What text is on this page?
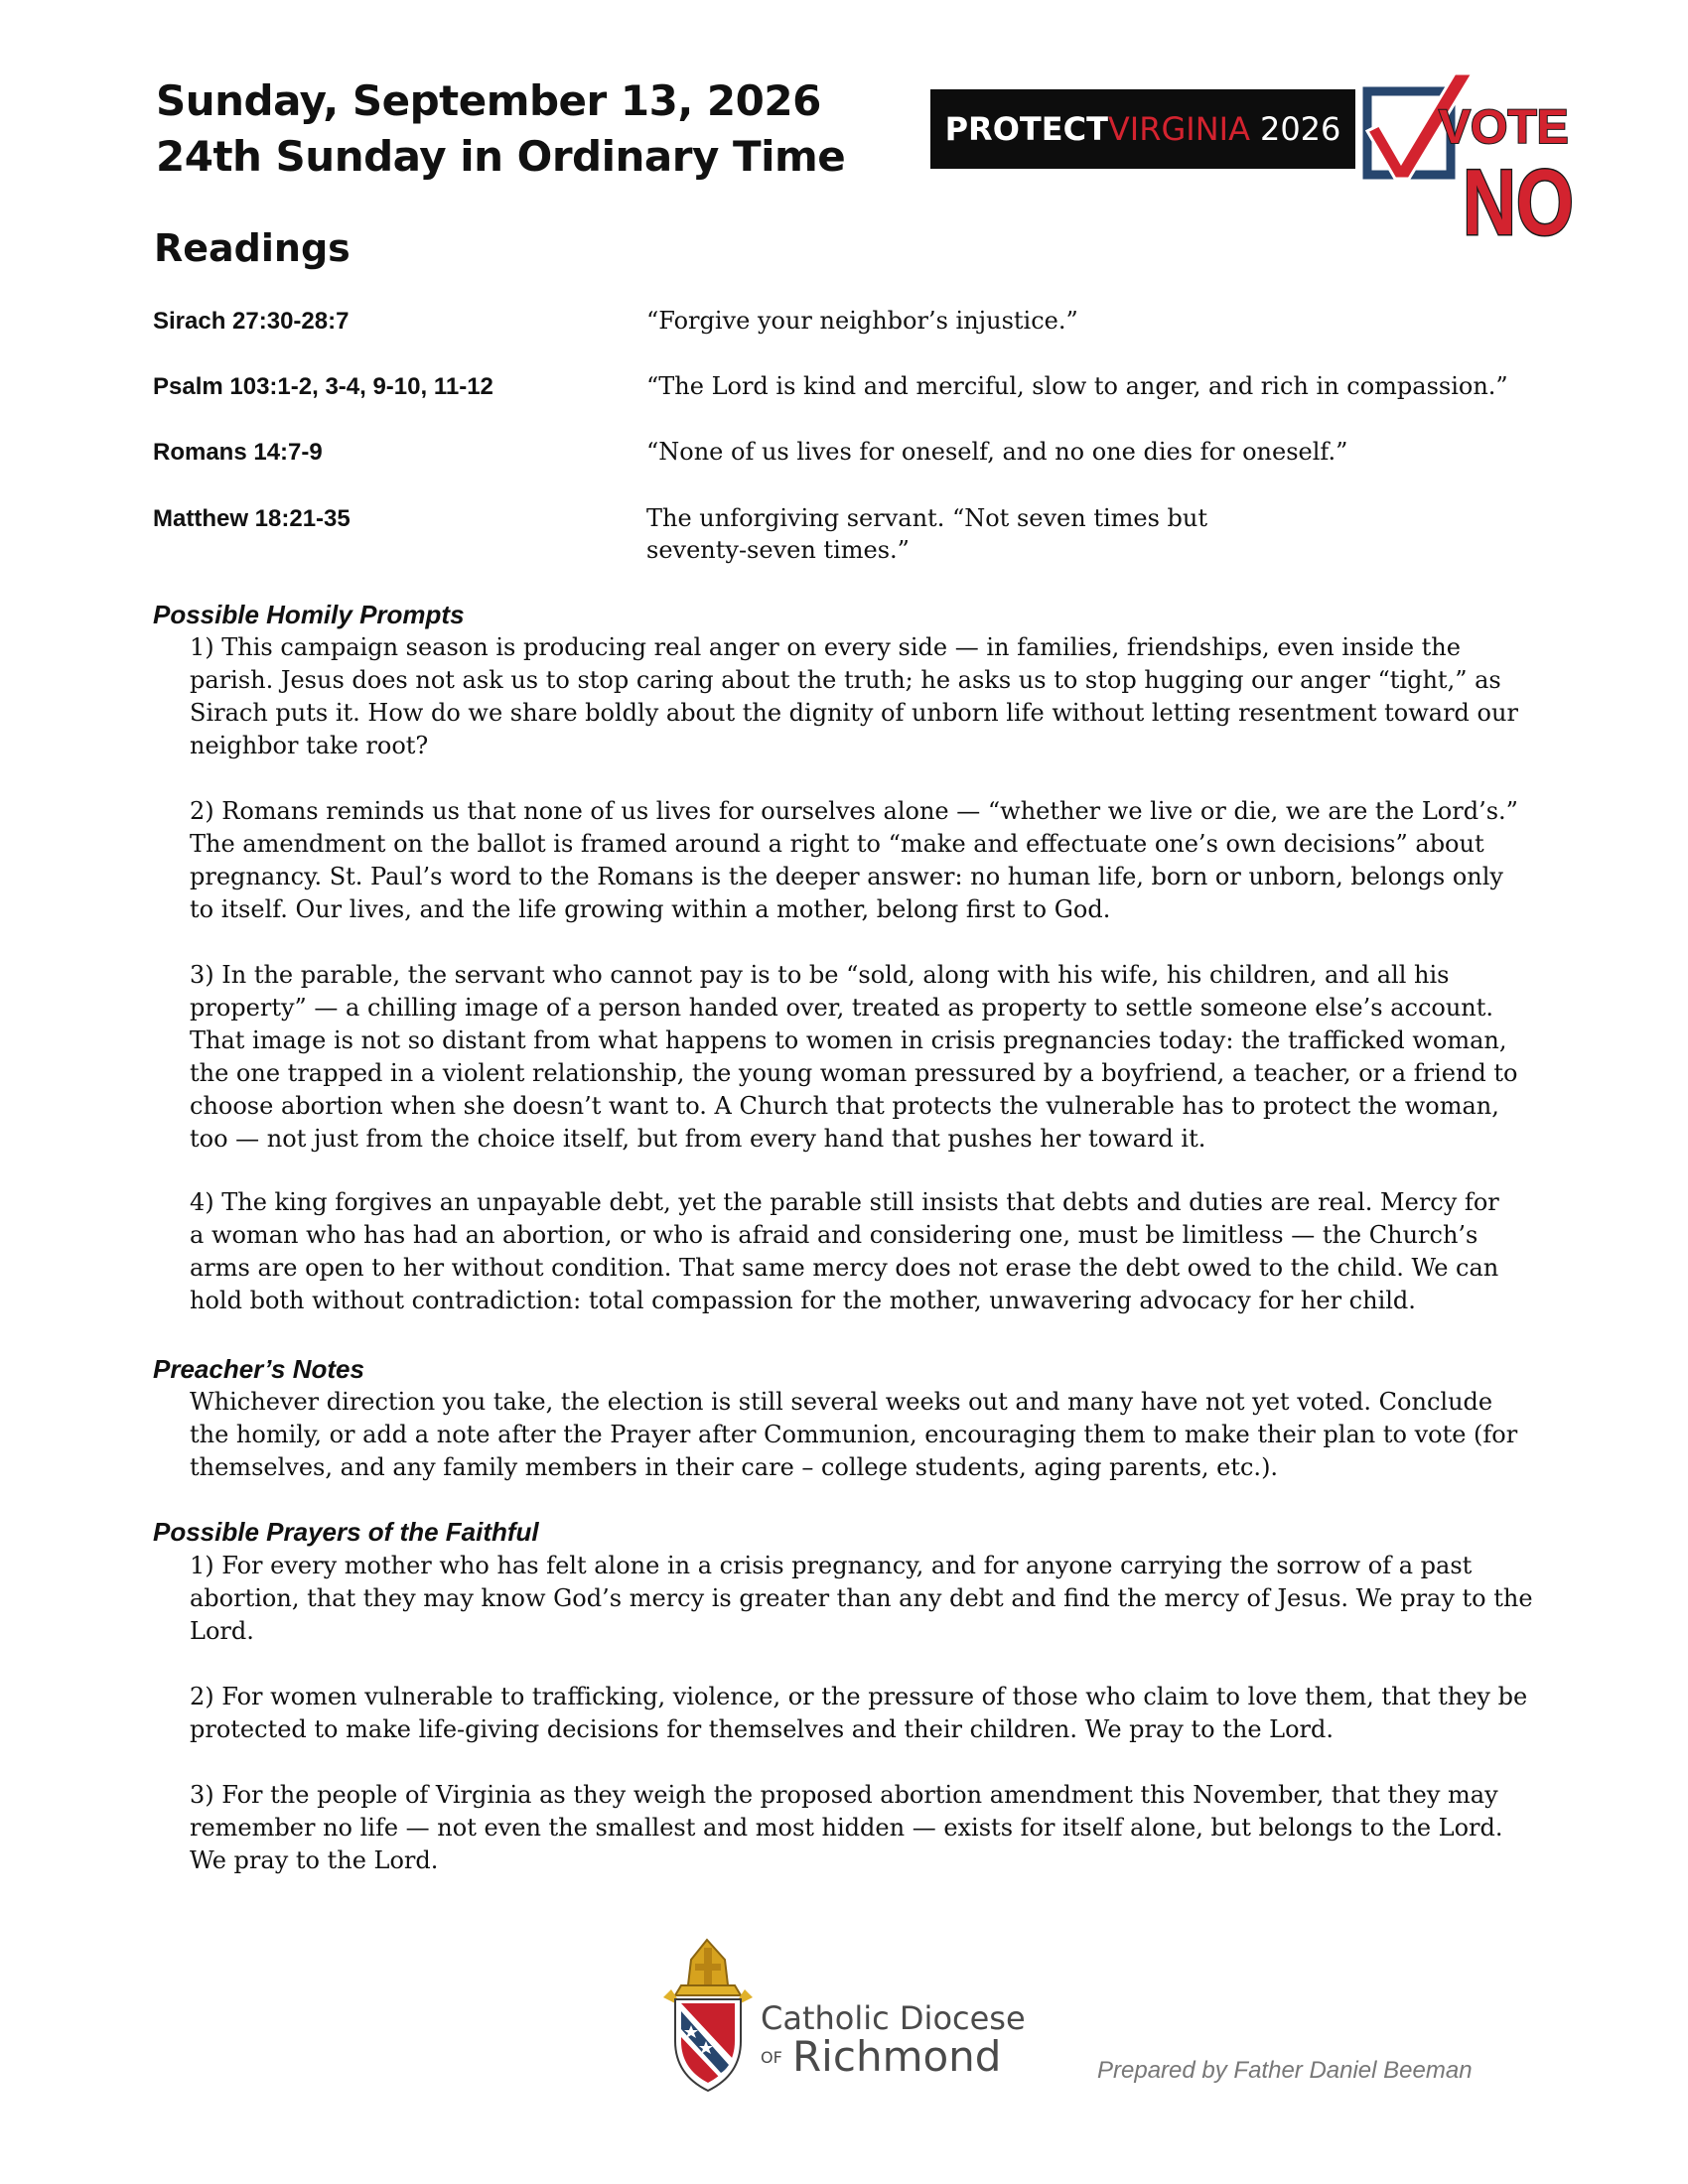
Sunday, September 13, 2026
24th Sunday in Ordinary Time
PROTECT VIRGINIA 2026 VOTE
NO
Readings
Sirach 27:30-28:7	“Forgive your neighbor’s injustice.”
Psalm 103:1-2, 3-4, 9-10, 11-12	“The Lord is kind and merciful, slow to anger, and rich in compassion.”
Romans 14:7-9	“None of us lives for oneself, and no one dies for oneself.”
Matthew 18:21-35	The unforgiving servant. “Not seven times but
seventy-seven times.”
Possible Homily Prompts
1) This campaign season is producing real anger on every side — in families, friendships, even inside the
parish. Jesus does not ask us to stop caring about the truth; he asks us to stop hugging our anger “tight,” as
Sirach puts it. How do we share boldly about the dignity of unborn life without letting resentment toward our
neighbor take root?
2) Romans reminds us that none of us lives for ourselves alone — “whether we live or die, we are the Lord’s.”
The amendment on the ballot is framed around a right to “make and effectuate one’s own decisions” about
pregnancy. St. Paul’s word to the Romans is the deeper answer: no human life, born or unborn, belongs only
to itself. Our lives, and the life growing within a mother, belong first to God.
3) In the parable, the servant who cannot pay is to be “sold, along with his wife, his children, and all his
property” — a chilling image of a person handed over, treated as property to settle someone else’s account.
That image is not so distant from what happens to women in crisis pregnancies today: the trafficked woman,
the one trapped in a violent relationship, the young woman pressured by a boyfriend, a teacher, or a friend to
choose abortion when she doesn’t want to. A Church that protects the vulnerable has to protect the woman,
too — not just from the choice itself, but from every hand that pushes her toward it.
4) The king forgives an unpayable debt, yet the parable still insists that debts and duties are real. Mercy for
a woman who has had an abortion, or who is afraid and considering one, must be limitless — the Church’s
arms are open to her without condition. That same mercy does not erase the debt owed to the child. We can
hold both without contradiction: total compassion for the mother, unwavering advocacy for her child.
Preacher’s Notes
Whichever direction you take, the election is still several weeks out and many have not yet voted. Conclude
the homily, or add a note after the Prayer after Communion, encouraging them to make their plan to vote (for
themselves, and any family members in their care – college students, aging parents, etc.).
Possible Prayers of the Faithful
1) For every mother who has felt alone in a crisis pregnancy, and for anyone carrying the sorrow of a past
abortion, that they may know God’s mercy is greater than any debt and find the mercy of Jesus. We pray to the
Lord.
2) For women vulnerable to trafficking, violence, or the pressure of those who claim to love them, that they be
protected to make life-giving decisions for themselves and their children. We pray to the Lord.
3) For the people of Virginia as they weigh the proposed abortion amendment this November, that they may
remember no life — not even the smallest and most hidden — exists for itself alone, but belongs to the Lord.
We pray to the Lord.
Catholic Diocese
OF Richmond	Prepared by Father Daniel Beeman
